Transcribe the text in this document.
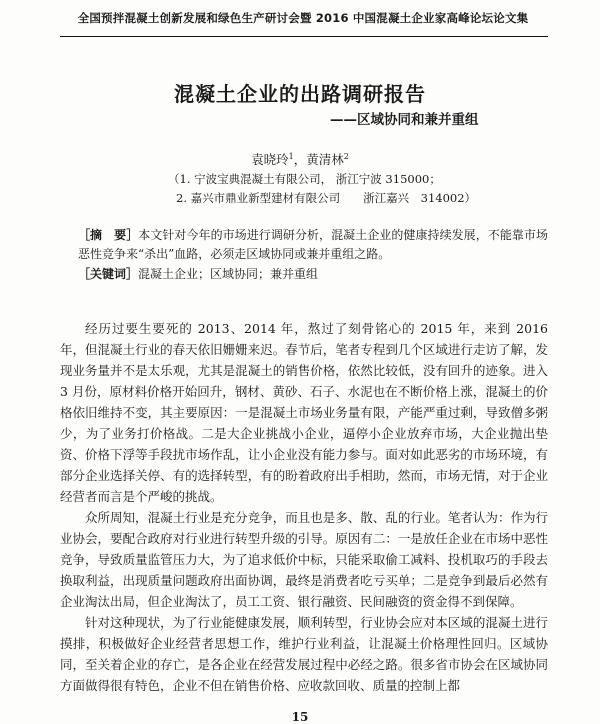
全国预拌混凝土创新发展和绿色生产研讨会暨 2016 中国混凝土企业家高峰论坛论文集
混凝土企业的出路调研报告
——区域协同和兼并重组
袁晓玲$^1$，黄清林$^2$
（1. 宁波宝典混凝土有限公司， 浙江宁波 315000；
2. 嘉兴市鼎业新型建材有限公司　　浙江嘉兴　314002）

［摘　要］本文针对今年的市场进行调研分析，混凝土企业的健康持续发展，不能靠市场恶性竞争来“杀出”血路，必须走区域协同或兼并重组之路。

［关键词］混凝土企业；区域协同；兼并重组

经历过要生要死的 2013、2014 年，熬过了刻骨铭心的 2015 年，来到 2016 年，但混凝土行业的春天依旧姗姗来迟。春节后，笔者专程到几个区域进行走访了解，发现业务量并不是太乐观，尤其是混凝土的销售价格，依然比较低，没有回升的迹象。进入 3 月份，原材料价格开始回升，钢材、黄砂、石子、水泥也在不断价格上涨，混凝土的价格依旧维持不变，其主要原因：一是混凝土市场业务量有限，产能严重过剩，导致僧多粥少，为了业务打价格战。二是大企业挑战小企业，逼停小企业放弃市场，大企业抛出垫资、价格下浮等手段扰市场作乱，让小企业没有能力参与。面对如此恶劣的市场环境，有部分企业选择关停、有的选择转型，有的盼着政府出手相助，然而，市场无情，对于企业经营者而言是个严峻的挑战。

众所周知，混凝土行业是充分竞争，而且也是多、散、乱的行业。笔者认为：作为行业协会，要配合政府对行业进行转型升级的引导。原因有二：一是放任企业在市场中恶性竞争，导致质量监管压力大，为了追求低价中标，只能采取偷工减料、投机取巧的手段去换取利益，出现质量问题政府出面协调，最终是消费者吃亏买单；二是竞争到最后必然有企业淘汰出局，但企业淘汰了，员工工资、银行融资、民间融资的资金得不到保障。

针对这种现状，为了行业能健康发展，顺利转型，行业协会应对本区域的混凝土进行摸排，积极做好企业经营者思想工作，维护行业利益，让混凝土价格理性回归。区域协同，至关着企业的存亡，是各企业在经营发展过程中必经之路。很多省市协会在区域协同方面做得很有特色，企业不但在销售价格、应收款回收、质量的控制上都

15
